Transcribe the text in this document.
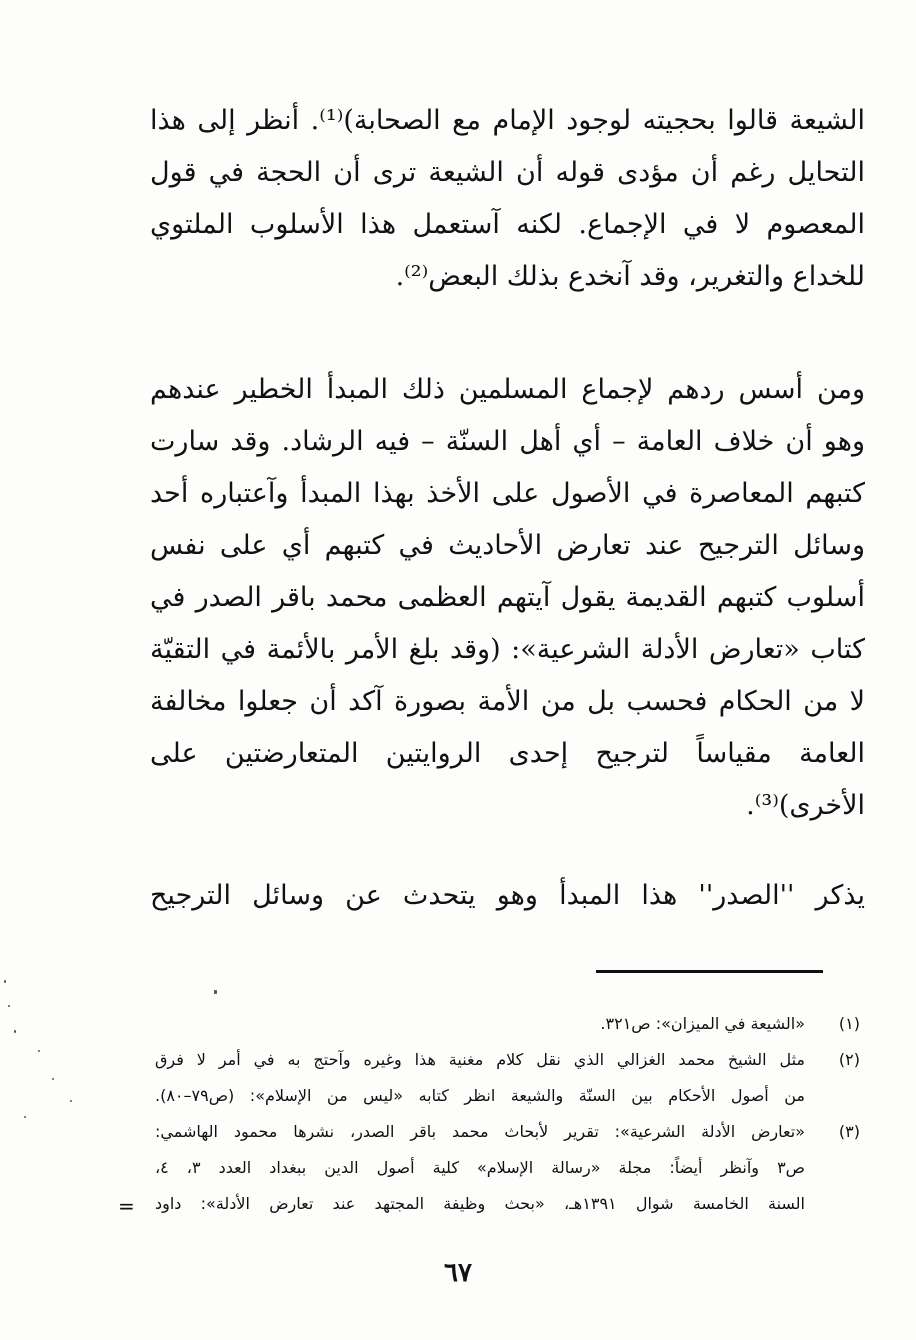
الشيعة قالوا بحجيته لوجود الإمام مع الصحابة)⁽¹⁾. أنظر إلى هذا
التحايل رغم أن مؤدى قوله أن الشيعة ترى أن الحجة في قول
المعصوم لا في الإجماع. لكنه آستعمل هذا الأسلوب الملتوي
للخداع والتغرير، وقد آنخدع بذلك البعض⁽²⁾.
ومن أسس ردهم لإجماع المسلمين ذلك المبدأ الخطير عندهم
وهو أن خلاف العامة – أي أهل السنّة – فيه الرشاد. وقد سارت
كتبهم المعاصرة في الأصول على الأخذ بهذا المبدأ وآعتباره أحد
وسائل الترجيح عند تعارض الأحاديث في كتبهم أي على نفس
أسلوب كتبهم القديمة يقول آيتهم العظمى محمد باقر الصدر في
كتاب «تعارض الأدلة الشرعية»: (وقد بلغ الأمر بالأئمة في التقيّة
لا من الحكام فحسب بل من الأمة بصورة آكد أن جعلوا مخالفة
العامة مقياساً لترجيح إحدى الروايتين المتعارضتين على
الأخرى)⁽³⁾.
يذكر ''الصدر'' هذا المبدأ وهو يتحدث عن وسائل الترجيح
(١)
«الشيعة في الميزان»: ص٣٢١.
(٢)
مثل الشيخ محمد الغزالي الذي نقل كلام مغنية هذا وغيره وآحتج به في أمر لا فرق
من أصول الأحكام بين السنّة والشيعة انظر كتابه «ليس من الإسلام»: (ص٧٩–٨٠).
(٣)
«تعارض الأدلة الشرعية»: تقرير لأبحاث محمد باقر الصدر، نشرها محمود الهاشمي:
ص٣ وآنظر أيضاً: مجلة «رسالة الإسلام» كلية أصول الدين ببغداد العدد ٣، ٤،
السنة الخامسة شوال ١٣٩١هـ، «بحث وظيفة المجتهد عند تعارض الأدلة»: داود
=
٦٧
